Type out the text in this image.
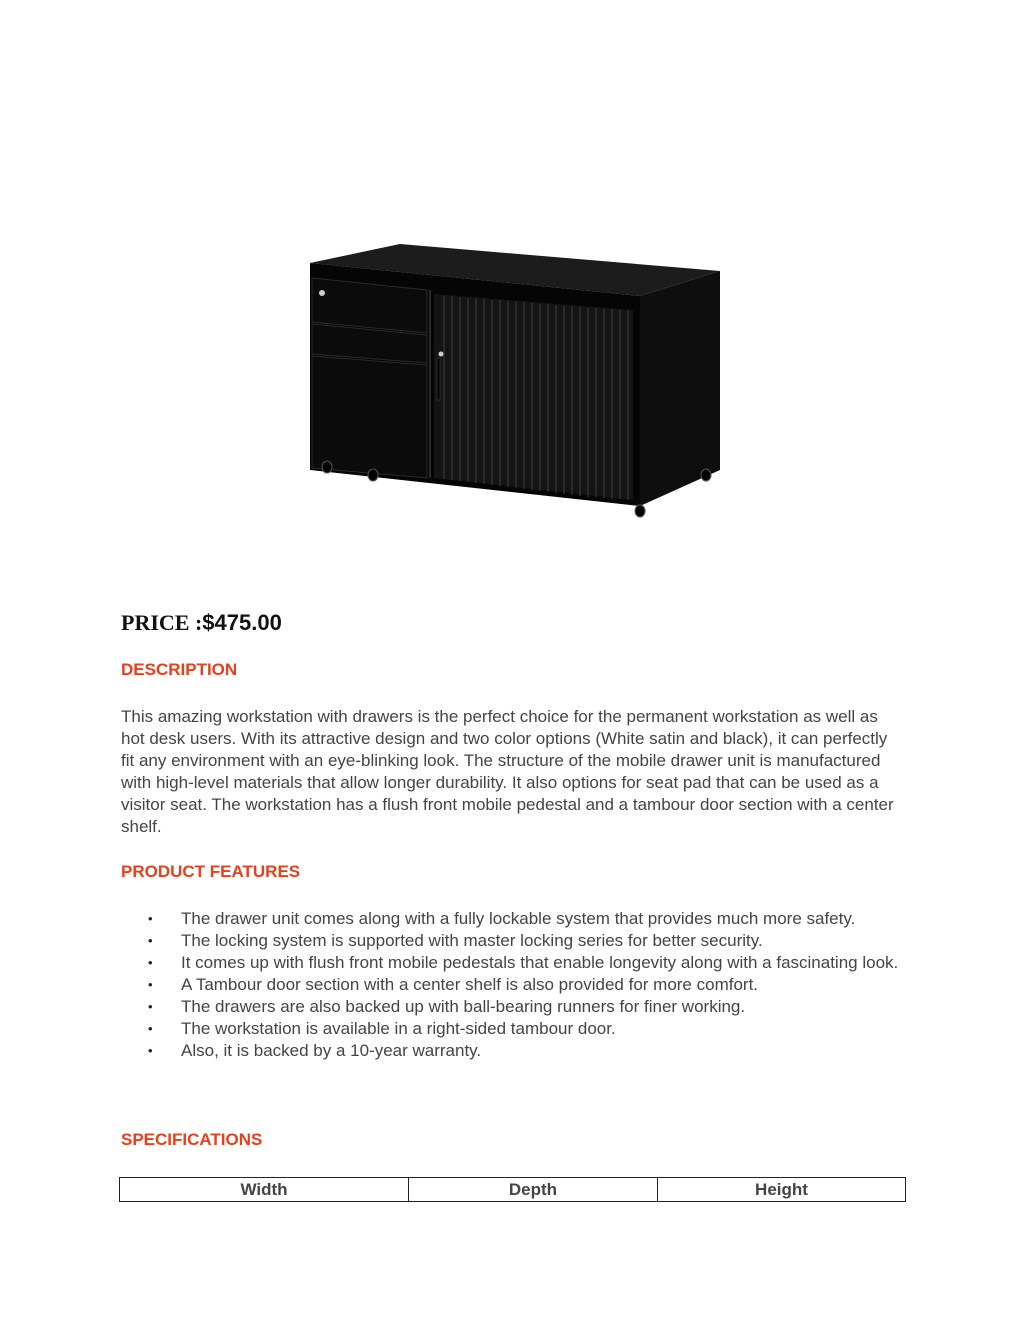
PRICE :$475.00
DESCRIPTION

This amazing workstation with drawers is the perfect choice for the permanent workstation as well as hot desk users. With its attractive design and two color options (White satin and black), it can perfectly fit any environment with an eye-blinking look. The structure of the mobile drawer unit is manufactured with high-level materials that allow longer durability. It also options for seat pad that can be used as a visitor seat. The workstation has a flush front mobile pedestal and a tambour door section with a center shelf.

PRODUCT FEATURES
• The drawer unit comes along with a fully lockable system that provides much more safety.
• The locking system is supported with master locking series for better security.
• It comes up with flush front mobile pedestals that enable longevity along with a fascinating look.
• A Tambour door section with a center shelf is also provided for more comfort.
• The drawers are also backed up with ball-bearing runners for finer working.
• The workstation is available in a right-sided tambour door.
• Also, it is backed by a 10-year warranty.
SPECIFICATIONS
Width	Depth	Height
